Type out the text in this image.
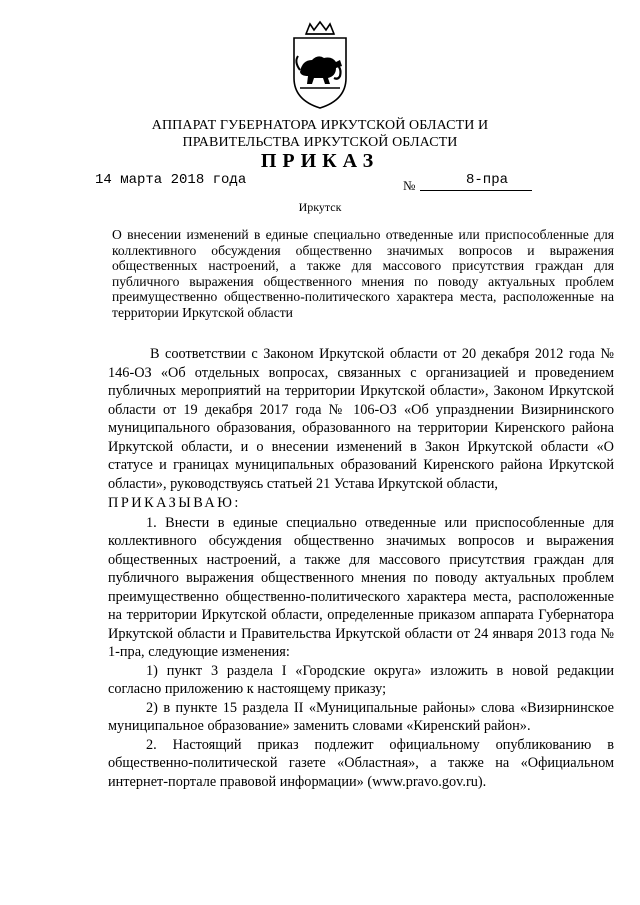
АППАРАТ ГУБЕРНАТОРА ИРКУТСКОЙ ОБЛАСТИ И
ПРАВИТЕЛЬСТВА ИРКУТСКОЙ ОБЛАСТИ
ПРИКАЗ
14 марта 2018 года	№	8-пра
Иркутск
О внесении изменений в единые специально отведенные или приспособленные для коллективного обсуждения общественно значимых вопросов и выражения общественных настроений, а также для массового присутствия граждан для публичного выражения общественного мнения по поводу актуальных проблем преимущественно общественно-политического характера места, расположенные на территории Иркутской области

В соответствии с Законом Иркутской области от 20 декабря 2012 года № 146-ОЗ «Об отдельных вопросах, связанных с организацией и проведением публичных мероприятий на территории Иркутской области», Законом Иркутской области от 19 декабря 2017 года № 106-ОЗ «Об упразднении Визирнинского муниципального образования, образованного на территории Киренского района Иркутской области, и о внесении изменений в Закон Иркутской области «О статусе и границах муниципальных образований Киренского района Иркутской области», руководствуясь статьей 21 Устава Иркутской области,

ПРИКАЗЫВАЮ:

1. Внести в единые специально отведенные или приспособленные для коллективного обсуждения общественно значимых вопросов и выражения общественных настроений, а также для массового присутствия граждан для публичного выражения общественного мнения по поводу актуальных проблем преимущественно общественно-политического характера места, расположенные на территории Иркутской области, определенные приказом аппарата Губернатора Иркутской области и Правительства Иркутской области от 24 января 2013 года № 1-пра, следующие изменения:

1) пункт 3 раздела I «Городские округа» изложить в новой редакции согласно приложению к настоящему приказу;

2) в пункте 15 раздела II «Муниципальные районы» слова «Визирнинское муниципальное образование» заменить словами «Киренский район».

2. Настоящий приказ подлежит официальному опубликованию в общественно-политической газете «Областная», а также на «Официальном интернет-портале правовой информации» (www.pravo.gov.ru).
